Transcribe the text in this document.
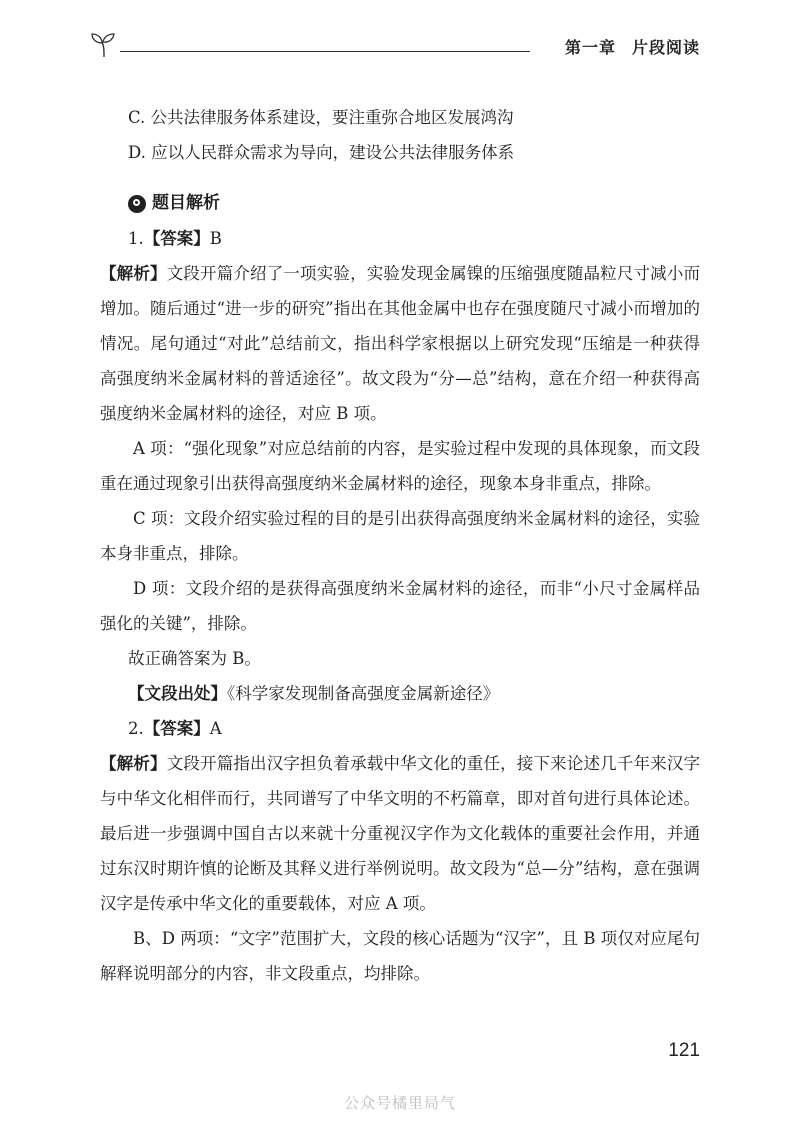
第一章 片段阅读

C. 公共法律服务体系建设，要注重弥合地区发展鸿沟

D. 应以人民群众需求为导向，建设公共法律服务体系

题目解析

1.【答案】B

【解析】文段开篇介绍了一项实验，实验发现金属镍的压缩强度随晶粒尺寸减小而增加。随后通过“进一步的研究”指出在其他金属中也存在强度随尺寸减小而增加的情况。尾句通过“对此”总结前文，指出科学家根据以上研究发现“压缩是一种获得高强度纳米金属材料的普适途径”。故文段为“分—总”结构，意在介绍一种获得高强度纳米金属材料的途径，对应 B 项。

A 项：“强化现象”对应总结前的内容，是实验过程中发现的具体现象，而文段重在通过现象引出获得高强度纳米金属材料的途径，现象本身非重点，排除。

C 项：文段介绍实验过程的目的是引出获得高强度纳米金属材料的途径，实验本身非重点，排除。

D 项：文段介绍的是获得高强度纳米金属材料的途径，而非“小尺寸金属样品强化的关键”，排除。

故正确答案为 B。

【文段出处】《科学家发现制备高强度金属新途径》

2.【答案】A

【解析】文段开篇指出汉字担负着承载中华文化的重任，接下来论述几千年来汉字与中华文化相伴而行，共同谱写了中华文明的不朽篇章，即对首句进行具体论述。最后进一步强调中国自古以来就十分重视汉字作为文化载体的重要社会作用，并通过东汉时期许慎的论断及其释义进行举例说明。故文段为“总—分”结构，意在强调汉字是传承中华文化的重要载体，对应 A 项。

B、D 两项：“文字”范围扩大，文段的核心话题为“汉字”，且 B 项仅对应尾句解释说明部分的内容，非文段重点，均排除。

121
公众号橘里局气
